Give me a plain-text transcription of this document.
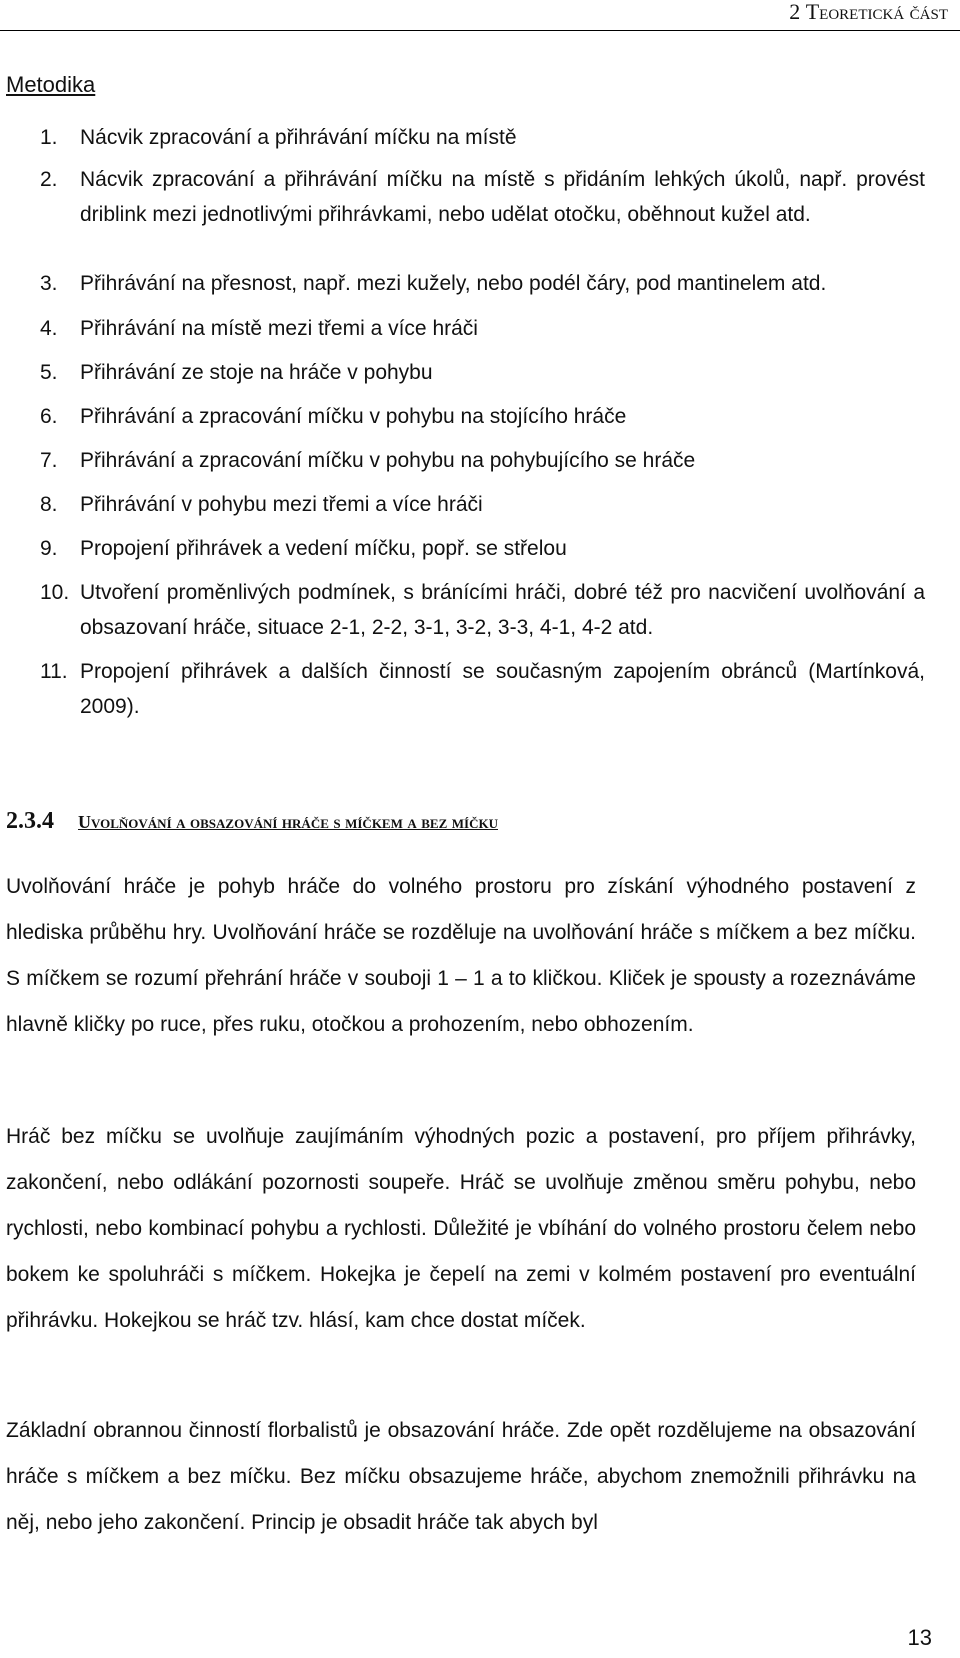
2 Teoretická část
Metodika
1. Nácvik zpracování a přihrávání míčku na místě
2. Nácvik zpracování a přihrávání míčku na místě s přidáním lehkých úkolů, např. provést driblink mezi jednotlivými přihrávkami, nebo udělat otočku, oběhnout kužel atd.
3. Přihrávání na přesnost, např. mezi kužely, nebo podél čáry, pod mantinelem atd.
4. Přihrávání na místě mezi třemi a více hráči
5. Přihrávání ze stoje na hráče v pohybu
6. Přihrávání a zpracování míčku v pohybu na stojícího hráče
7. Přihrávání a zpracování míčku v pohybu na pohybujícího se hráče
8. Přihrávání v pohybu mezi třemi a více hráči
9. Propojení přihrávek a vedení míčku, popř. se střelou
10. Utvoření proměnlivých podmínek, s bránícími hráči, dobré též pro nacvičení uvolňování a obsazovaní hráče, situace 2-1, 2-2, 3-1, 3-2, 3-3, 4-1, 4-2 atd.
11. Propojení přihrávek a dalších činností se současným zapojením obránců (Martínková, 2009).
2.3.4 Uvolňování a obsazování hráče s míčkem a bez míčku

Uvolňování hráče je pohyb hráče do volného prostoru pro získání výhodného postavení z hlediska průběhu hry. Uvolňování hráče se rozděluje na uvolňování hráče s míčkem a bez míčku. S míčkem se rozumí přehrání hráče v souboji 1 – 1 a to kličkou. Kliček je spousty a rozeznáváme hlavně kličky po ruce, přes ruku, otočkou a prohozením, nebo obhozením.

Hráč bez míčku se uvolňuje zaujímáním výhodných pozic a postavení, pro příjem přihrávky, zakončení, nebo odlákání pozornosti soupeře. Hráč se uvolňuje změnou směru pohybu, nebo rychlosti, nebo kombinací pohybu a rychlosti. Důležité je vbíhání do volného prostoru čelem nebo bokem ke spoluhráči s míčkem. Hokejka je čepelí na zemi v kolmém postavení pro eventuální přihrávku. Hokejkou se hráč tzv. hlásí, kam chce dostat míček.

Základní obrannou činností florbalistů je obsazování hráče. Zde opět rozdělujeme na obsazování hráče s míčkem a bez míčku. Bez míčku obsazujeme hráče, abychom znemožnili přihrávku na něj, nebo jeho zakončení. Princip je obsadit hráče tak abych byl

13
